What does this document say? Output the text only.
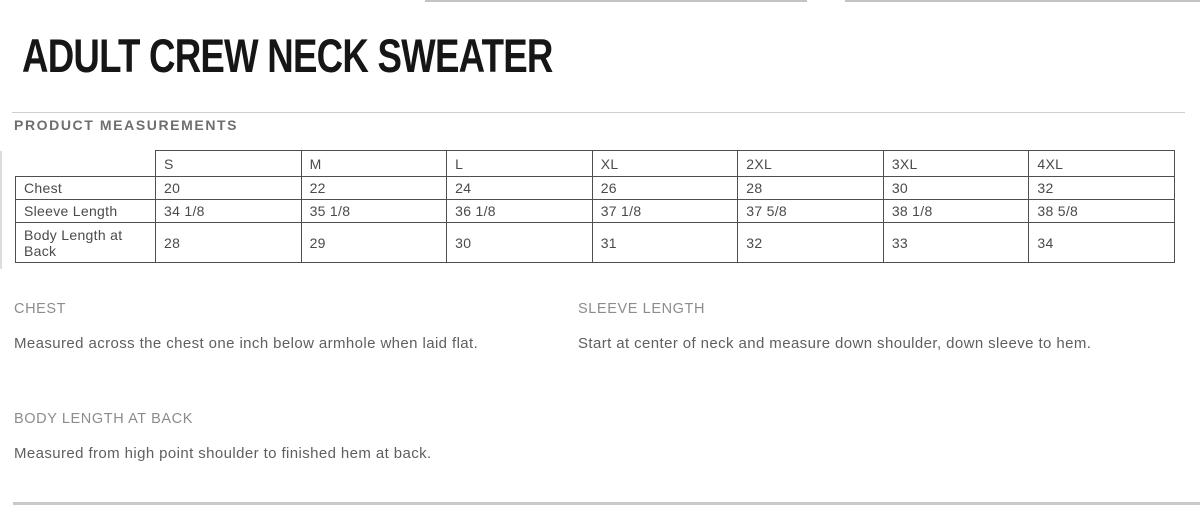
ADULT CREW NECK SWEATER
PRODUCT MEASUREMENTS
	S	M	L	XL	2XL	3XL	4XL
Chest	20	22	24	26	28	30	32
Sleeve Length	34 1/8	35 1/8	36 1/8	37 1/8	37 5/8	38 1/8	38 5/8
Body Length at Back	28	29	30	31	32	33	34
CHEST

Measured across the chest one inch below armhole when laid flat.

SLEEVE LENGTH

Start at center of neck and measure down shoulder, down sleeve to hem.

BODY LENGTH AT BACK

Measured from high point shoulder to finished hem at back.
